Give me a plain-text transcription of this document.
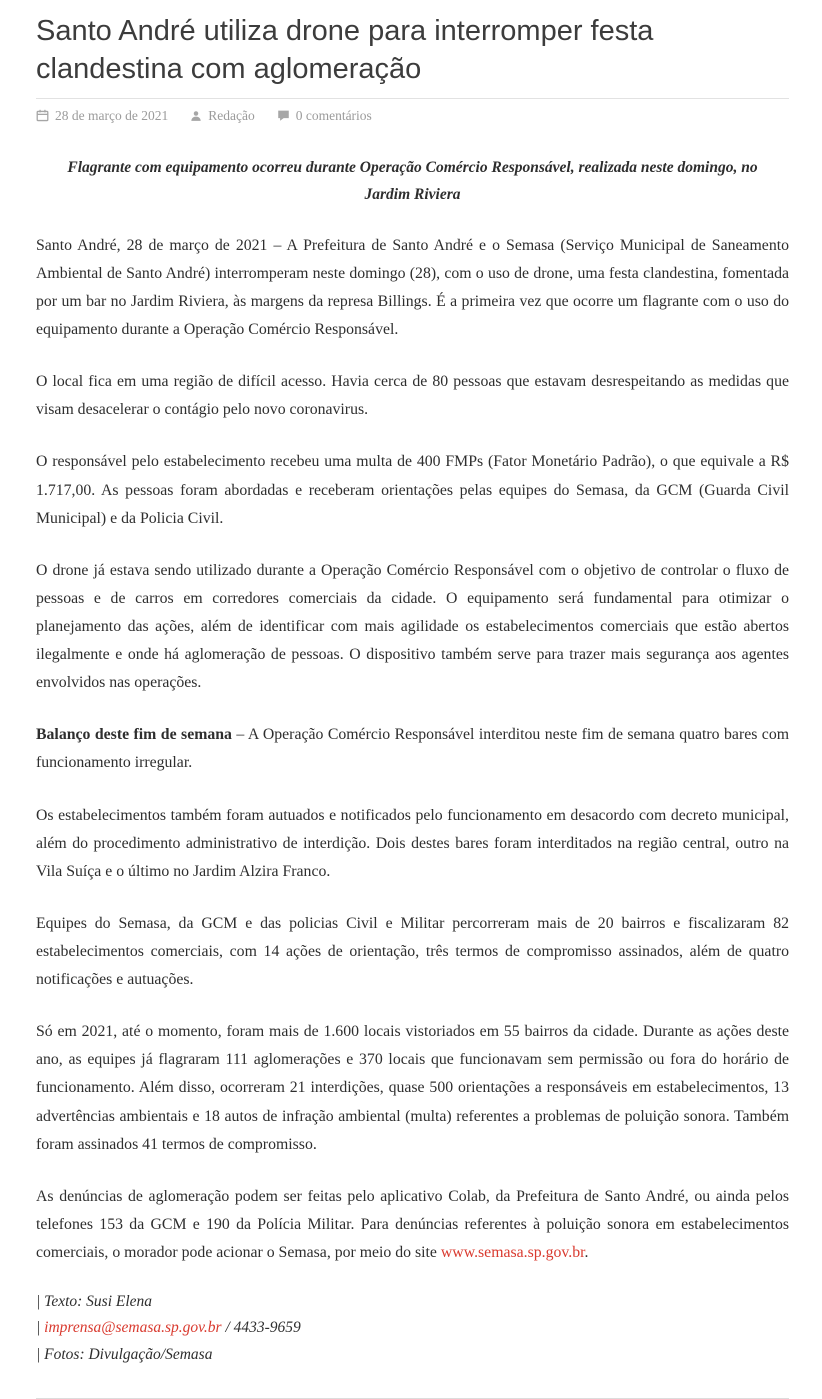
Santo André utiliza drone para interromper festa clandestina com aglomeração
28 de março de 2021	Redação	0 comentários

Flagrante com equipamento ocorreu durante Operação Comércio Responsável, realizada neste domingo, no Jardim Riviera

Santo André, 28 de março de 2021 – A Prefeitura de Santo André e o Semasa (Serviço Municipal de Saneamento Ambiental de Santo André) interromperam neste domingo (28), com o uso de drone, uma festa clandestina, fomentada por um bar no Jardim Riviera, às margens da represa Billings. É a primeira vez que ocorre um flagrante com o uso do equipamento durante a Operação Comércio Responsável.

O local fica em uma região de difícil acesso. Havia cerca de 80 pessoas que estavam desrespeitando as medidas que visam desacelerar o contágio pelo novo coronavirus.

O responsável pelo estabelecimento recebeu uma multa de 400 FMPs (Fator Monetário Padrão), o que equivale a R$ 1.717,00. As pessoas foram abordadas e receberam orientações pelas equipes do Semasa, da GCM (Guarda Civil Municipal) e da Policia Civil.

O drone já estava sendo utilizado durante a Operação Comércio Responsável com o objetivo de controlar o fluxo de pessoas e de carros em corredores comerciais da cidade. O equipamento será fundamental para otimizar o planejamento das ações, além de identificar com mais agilidade os estabelecimentos comerciais que estão abertos ilegalmente e onde há aglomeração de pessoas. O dispositivo também serve para trazer mais segurança aos agentes envolvidos nas operações.

Balanço deste fim de semana – A Operação Comércio Responsável interditou neste fim de semana quatro bares com funcionamento irregular.

Os estabelecimentos também foram autuados e notificados pelo funcionamento em desacordo com decreto municipal, além do procedimento administrativo de interdição. Dois destes bares foram interditados na região central, outro na Vila Suíça e o último no Jardim Alzira Franco.

Equipes do Semasa, da GCM e das policias Civil e Militar percorreram mais de 20 bairros e fiscalizaram 82 estabelecimentos comerciais, com 14 ações de orientação, três termos de compromisso assinados, além de quatro notificações e autuações.

Só em 2021, até o momento, foram mais de 1.600 locais vistoriados em 55 bairros da cidade. Durante as ações deste ano, as equipes já flagraram 111 aglomerações e 370 locais que funcionavam sem permissão ou fora do horário de funcionamento. Além disso, ocorreram 21 interdições, quase 500 orientações a responsáveis em estabelecimentos, 13 advertências ambientais e 18 autos de infração ambiental (multa) referentes a problemas de poluição sonora. Também foram assinados 41 termos de compromisso.

As denúncias de aglomeração podem ser feitas pelo aplicativo Colab, da Prefeitura de Santo André, ou ainda pelos telefones 153 da GCM e 190 da Polícia Militar. Para denúncias referentes à poluição sonora em estabelecimentos comerciais, o morador pode acionar o Semasa, por meio do site www.semasa.sp.gov.br.

| Texto: Susi Elena
| imprensa@semasa.sp.gov.br / 4433-9659
| Fotos: Divulgação/Semasa
